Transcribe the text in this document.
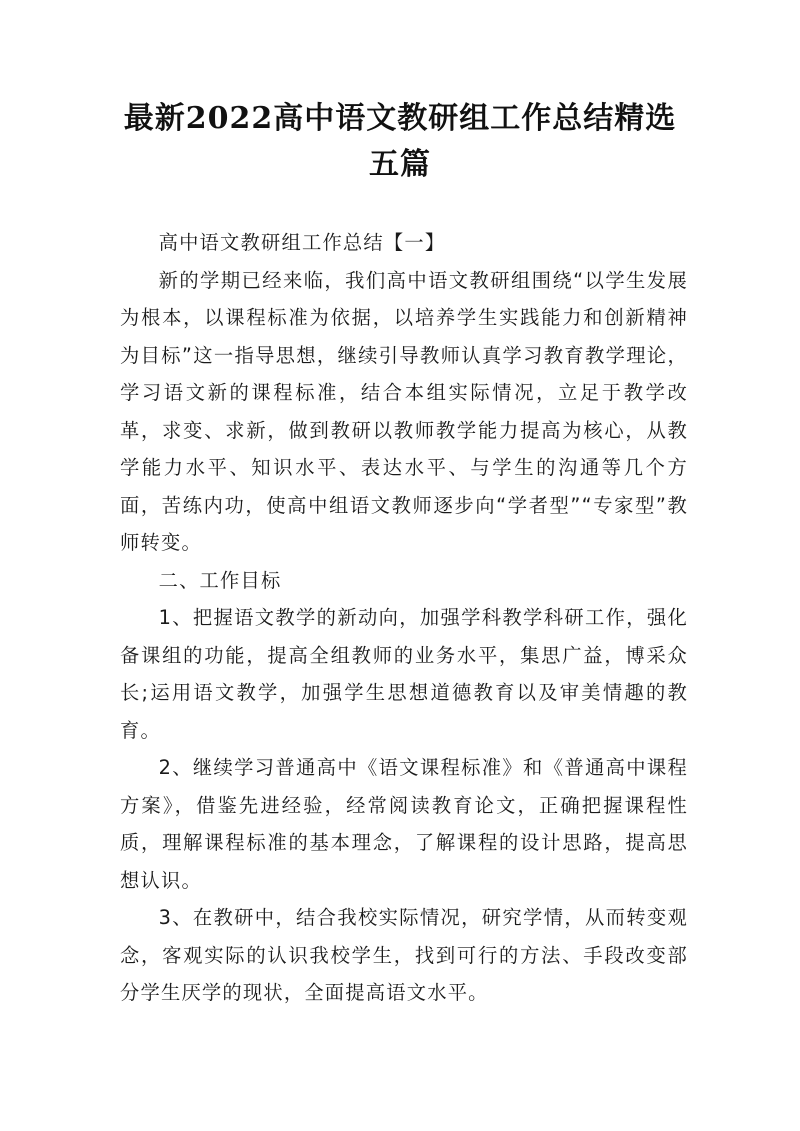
最新2022高中语文教研组工作总结精选五篇

高中语文教研组工作总结【一】

新的学期已经来临，我们高中语文教研组围绕“以学生发展为根本，以课程标准为依据，以培养学生实践能力和创新精神为目标”这一指导思想，继续引导教师认真学习教育教学理论，学习语文新的课程标准，结合本组实际情况，立足于教学改革，求变、求新，做到教研以教师教学能力提高为核心，从教学能力水平、知识水平、表达水平、与学生的沟通等几个方面，苦练内功，使高中组语文教师逐步向“学者型”“专家型”教师转变。

二、工作目标

1、把握语文教学的新动向，加强学科教学科研工作，强化备课组的功能，提高全组教师的业务水平，集思广益，博采众长;运用语文教学，加强学生思想道德教育以及审美情趣的教育。

2、继续学习普通高中《语文课程标准》和《普通高中课程方案》，借鉴先进经验，经常阅读教育论文，正确把握课程性质，理解课程标准的基本理念，了解课程的设计思路，提高思想认识。

3、在教研中，结合我校实际情况，研究学情，从而转变观念，客观实际的认识我校学生，找到可行的方法、手段改变部分学生厌学的现状，全面提高语文水平。
